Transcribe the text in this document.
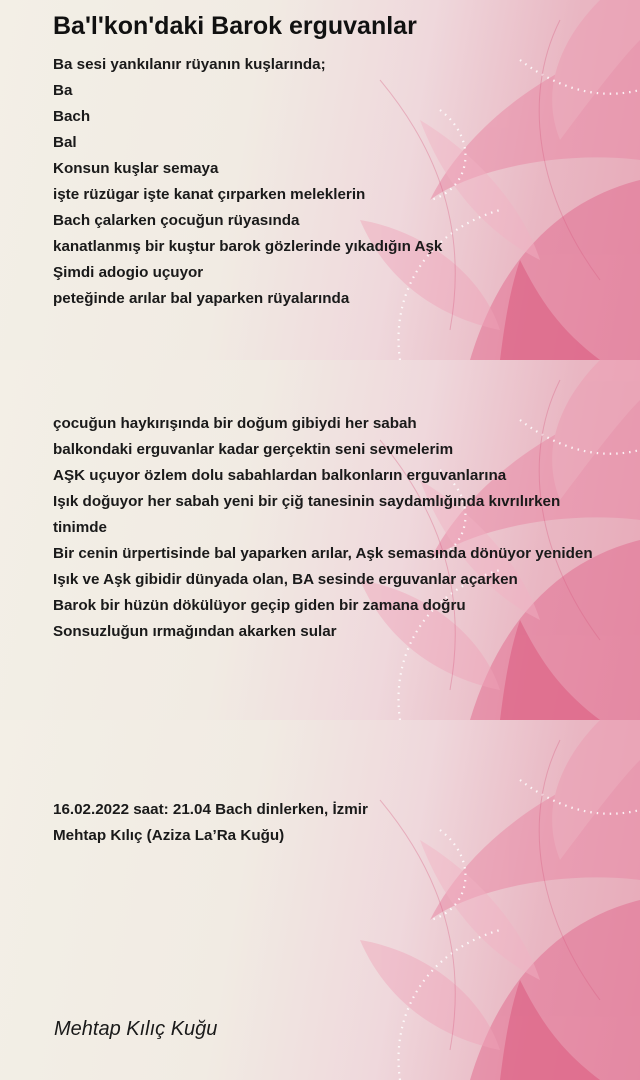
Ba'l'kon'daki Barok erguvanlar
Ba sesi yankılanır rüyanın kuşlarında;
Ba
Bach
Bal
Konsun kuşlar semaya
işte rüzügar işte kanat çırparken meleklerin
Bach çalarken çocuğun rüyasında
kanatlanmış bir kuştur barok gözlerinde yıkadığın Aşk
Şimdi adogio uçuyor
peteğinde arılar bal yaparken rüyalarında
çocuğun haykırışında bir doğum gibiydi her sabah
balkondaki erguvanlar kadar gerçektin seni sevmelerim
AŞK uçuyor özlem dolu sabahlardan balkonların erguvanlarına
Işık doğuyor her sabah yeni bir çiğ tanesinin saydamlığında kıvrılırken
tinimde
Bir cenin ürpertisinde bal yaparken arılar, Aşk semasında dönüyor yeniden
Işık ve Aşk gibidir dünyada olan, BA sesinde erguvanlar açarken
Barok bir hüzün dökülüyor geçip giden bir zamana doğru
Sonsuzluğun ırmağından akarken sular
16.02.2022 saat: 21.04 Bach dinlerken, İzmir
Mehtap Kılıç (Aziza La’Ra Kuğu)
Mehtap Kılıç Kuğu
